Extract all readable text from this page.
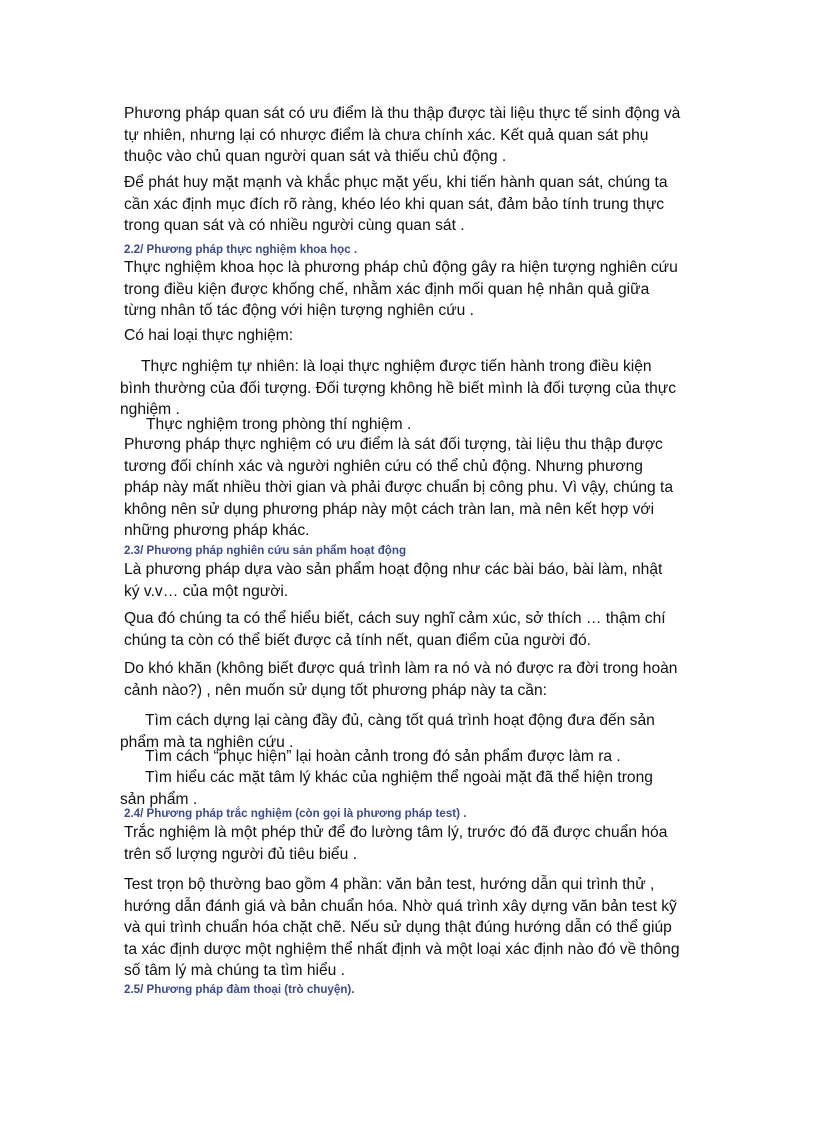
Phương pháp quan sát có ưu điểm là thu thập được tài liệu thực tế sinh động và
tự nhiên, nhưng lại có nhược điểm là chưa chính xác. Kết quả quan sát phụ
thuộc vào chủ quan người quan sát và thiếu chủ động .
Để phát huy mặt mạnh và khắc phục mặt yếu, khi tiến hành quan sát, chúng ta
cần xác định mục đích rõ ràng, khéo léo khi quan sát, đảm bảo tính trung thực
trong quan sát và có nhiều người cùng quan sát .
2.2/ Phương pháp thực nghiệm khoa học .
Thực nghiệm khoa học là phương pháp chủ động gây ra hiện tượng nghiên cứu
trong điều kiện được khống chế, nhằm xác định mối quan hệ nhân quả giữa
từng nhân tố tác động với hiện tượng nghiên cứu .
Có hai loại thực nghiệm:
Thực nghiệm tự nhiên: là loại thực nghiệm được tiến hành trong điều kiện
bình thường của đối tượng. Đối tượng không hề biết mình là đối tượng của thực
nghiệm .
Thực nghiệm trong phòng thí nghiệm .
Phương pháp thực nghiệm có ưu điểm là sát đối tượng, tài liệu thu thập được
tương đối chính xác và người nghiên cứu có thể chủ động. Nhưng phương
pháp này mất nhiều thời gian và phải được chuẩn bị công phu. Vì vậy, chúng ta
không nên sử dụng phương pháp này một cách tràn lan, mà nên kết hợp với
những phương pháp khác.
2.3/ Phương pháp nghiên cứu sản phẩm hoạt động
Là phương pháp dựa vào sản phẩm hoạt động như các bài báo, bài làm, nhật
ký v.v… của một người.
Qua đó chúng ta có thể hiểu biết, cách suy nghĩ cảm xúc, sở thích … thậm chí
chúng ta còn có thể biết được cả tính nết, quan điểm của người đó.
Do khó khăn (không biết được quá trình làm ra nó và nó được ra đời trong hoàn
cảnh nào?) , nên muốn sử dụng tốt phương pháp này ta cần:
Tìm cách dựng lại càng đầy đủ, càng tốt quá trình hoạt động đưa đến sản
phẩm mà ta nghiên cứu .
Tìm cách “phục hiện” lại hoàn cảnh trong đó sản phẩm được làm ra .
Tìm hiểu các mặt tâm lý khác của nghiệm thể ngoài mặt đã thể hiện trong
sản phẩm .
2.4/ Phương pháp trắc nghiệm (còn gọi là phương pháp test) .
Trắc nghiệm là một phép thử để đo lường tâm lý, trước đó đã được chuẩn hóa
trên số lượng người đủ tiêu biểu .
Test trọn bộ thường bao gồm 4 phần: văn bản test, hướng dẫn qui trình thử ,
hướng dẫn đánh giá và bản chuẩn hóa. Nhờ quá trình xây dựng văn bản test kỹ
và qui trình chuẩn hóa chặt chẽ. Nếu sử dụng thật đúng hướng dẫn có thể giúp
ta xác định dược một nghiệm thể nhất định và một loại xác định nào đó về thông
số tâm lý mà chúng ta tìm hiểu .
2.5/ Phương pháp đàm thoại (trò chuyện).
